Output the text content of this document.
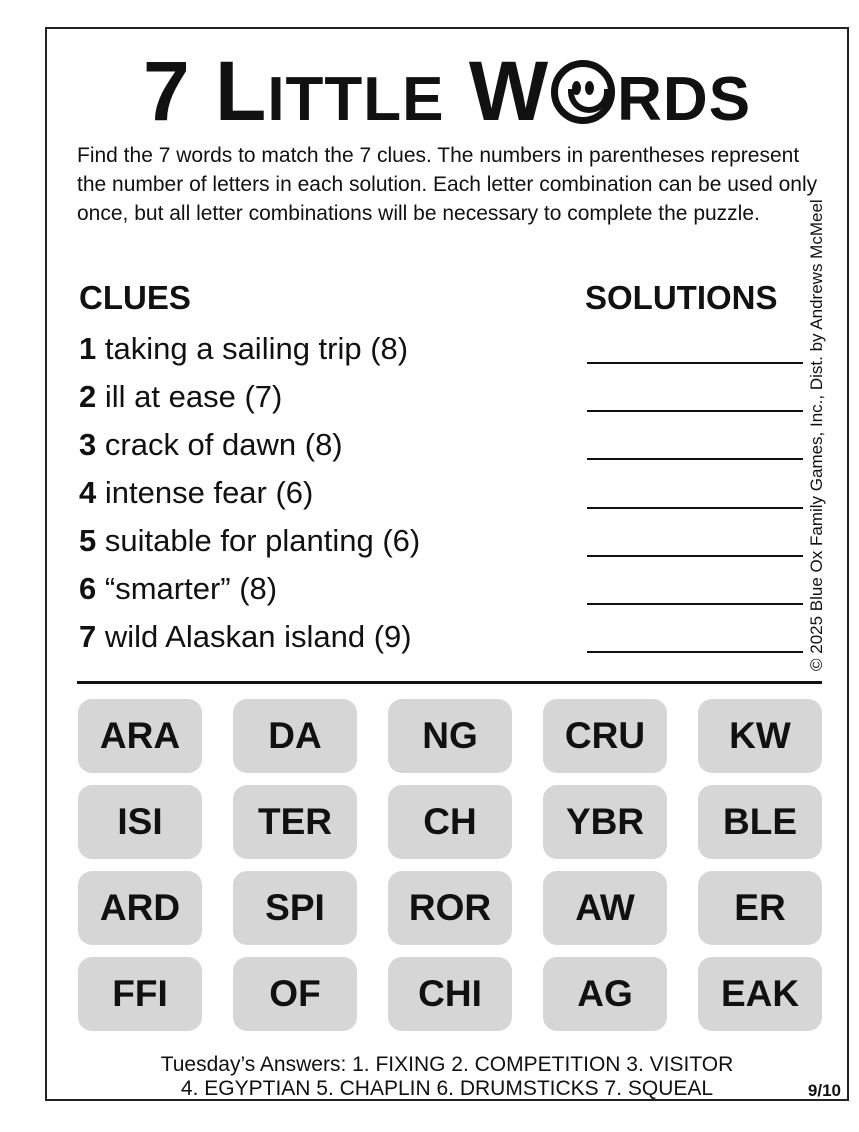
7 LITTLE W RDS
Find the 7 words to match the 7 clues. The numbers in parentheses represent the number of letters in each solution. Each letter combination can be used only once, but all letter combinations will be necessary to complete the puzzle.	© 2025 Blue Ox Family Games, Inc., Dist. by Andrews McMeel
CLUES	SOLUTIONS
1 taking a sailing trip (8)
2 ill at ease (7)
3 crack of dawn (8)
4 intense fear (6)
5 suitable for planting (6)
6 “smarter” (8)
7 wild Alaskan island (9)
ARA	DA	NG	CRU	KW
ISI	TER	CH	YBR	BLE
ARD	SPI	ROR	AW	ER
FFI	OF	CHI	AG	EAK
Tuesday’s Answers: 1. FIXING 2. COMPETITION 3. VISITOR
4. EGYPTIAN 5. CHAPLIN 6. DRUMSTICKS 7. SQUEAL	9/10
